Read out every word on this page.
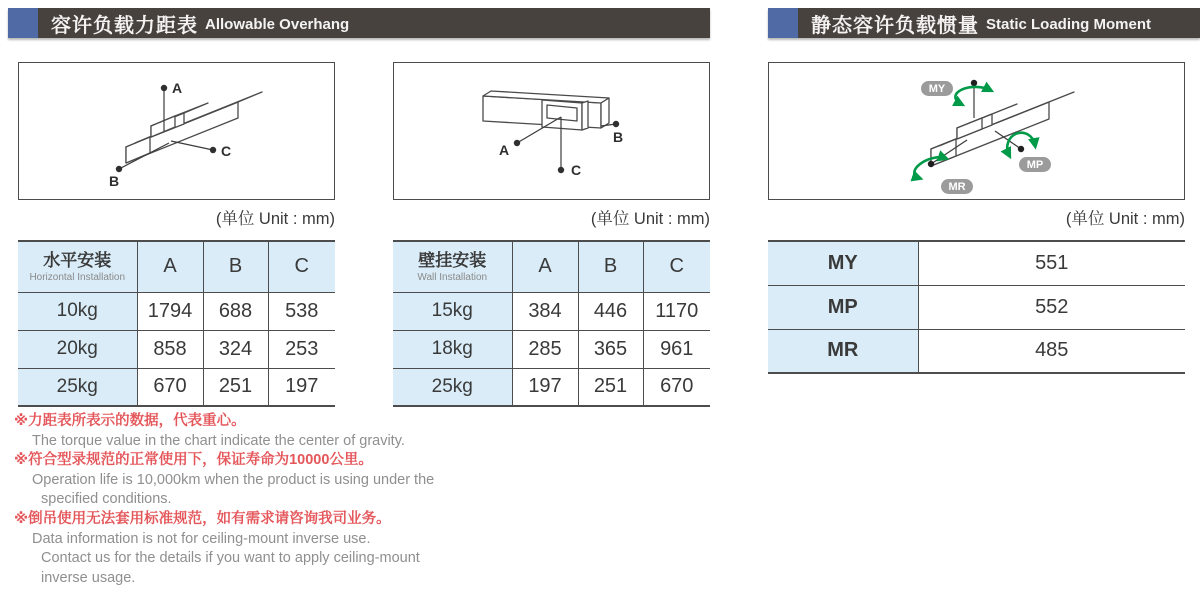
容许负载力距表 Allowable Overhang	静态容许负载惯量 Static Loading Moment
A
C
B
A
C
B
MY
MP
MR
(单位 Unit : mm)	(单位 Unit : mm)	(单位 Unit : mm)
水平安装
Horizontal Installation	A	B	C
10kg	1794	688	538
20kg	858	324	253
25kg	670	251	197
壁挂安装
Wall Installation	A	B	C
15kg	384	446	1170
18kg	285	365	961
25kg	197	251	670
MY	551
MP	552
MR	485
※力距表所表示的数据，代表重心。
The torque value in the chart indicate the center of gravity.
※符合型录规范的正常使用下，保证寿命为10000公里。
Operation life is 10,000km when the product is using under the
specified conditions.
※倒吊使用无法套用标准规范，如有需求请咨询我司业务。
Data information is not for ceiling-mount inverse use.
Contact us for the details if you want to apply ceiling-mount
inverse usage.
